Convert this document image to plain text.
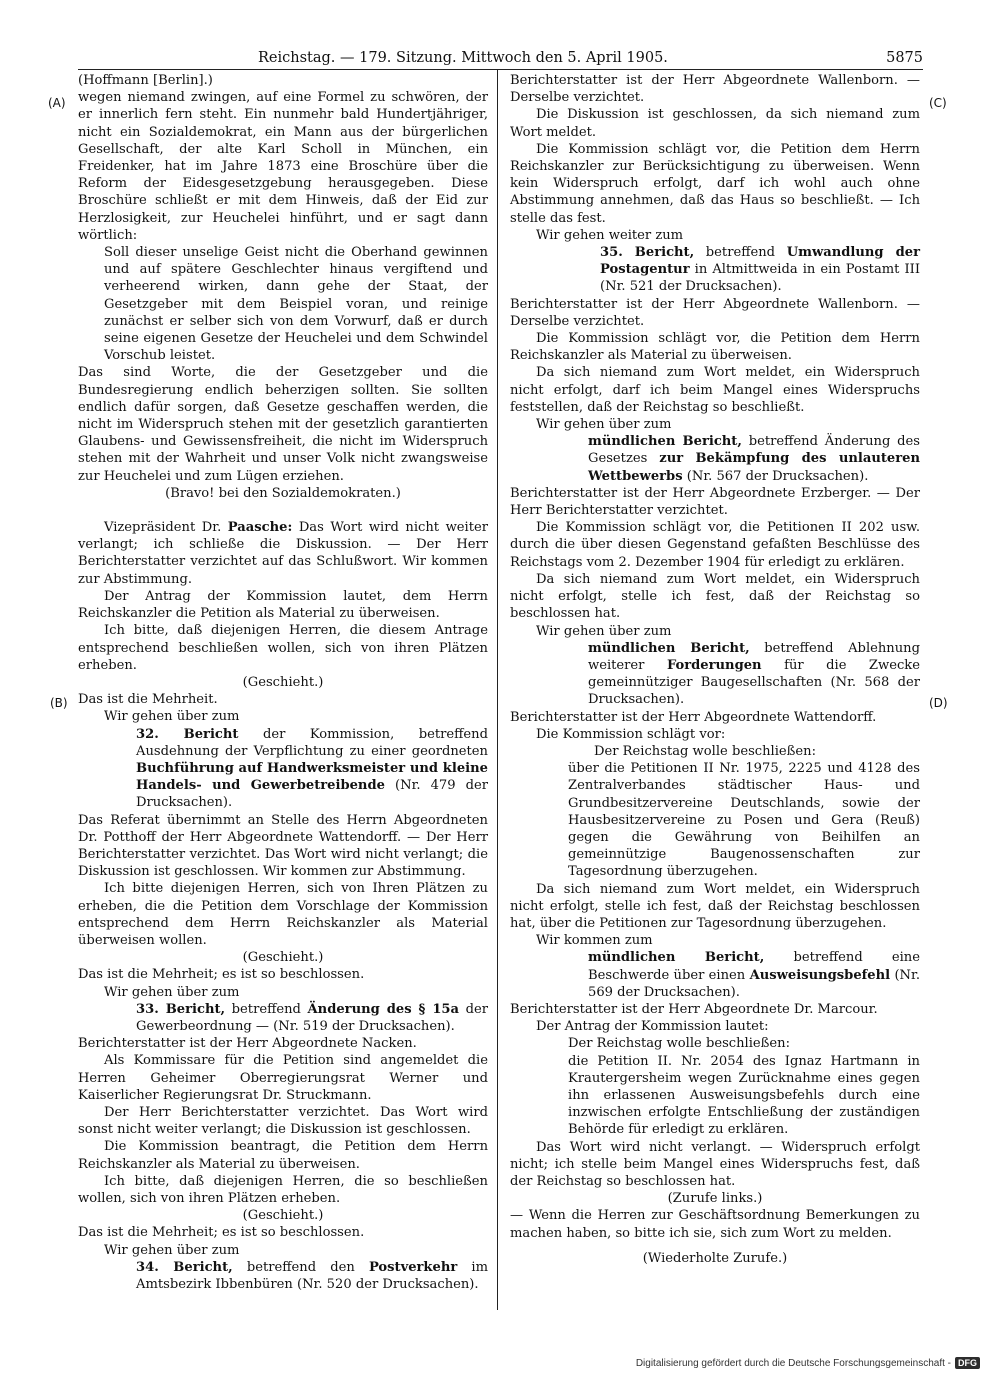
Reichstag. — 179. Sitzung. Mittwoch den 5. April 1905.	5875
(A)
(B)
(C)
(D)

(Hoffmann [Berlin].)

wegen niemand zwingen, auf eine Formel zu schwören, der er innerlich fern steht. Ein nunmehr bald Hundertjähriger, nicht ein Sozialdemokrat, ein Mann aus der bürgerlichen Gesellschaft, der alte Karl Scholl in München, ein Freidenker, hat im Jahre 1873 eine Broschüre über die Reform der Eidesgesetzgebung herausgegeben. Diese Broschüre schließt er mit dem Hinweis, daß der Eid zur Herzlosigkeit, zur Heuchelei hinführt, und er sagt dann wörtlich:

Soll dieser unselige Geist nicht die Oberhand gewinnen und auf spätere Geschlechter hinaus vergiftend und verheerend wirken, dann gehe der Staat, der Gesetzgeber mit dem Beispiel voran, und reinige zunächst er selber sich von dem Vorwurf, daß er durch seine eigenen Gesetze der Heuchelei und dem Schwindel Vorschub leistet.

Das sind Worte, die der Gesetzgeber und die Bundesregierung endlich beherzigen sollten. Sie sollten endlich dafür sorgen, daß Gesetze geschaffen werden, die nicht im Widerspruch stehen mit der gesetzlich garantierten Glaubens- und Gewissensfreiheit, die nicht im Widerspruch stehen mit der Wahrheit und unser Volk nicht zwangsweise zur Heuchelei und zum Lügen erziehen.

(Bravo! bei den Sozialdemokraten.)

Vizepräsident Dr. Paasche: Das Wort wird nicht weiter verlangt; ich schließe die Diskussion. — Der Herr Berichterstatter verzichtet auf das Schlußwort. Wir kommen zur Abstimmung.

Der Antrag der Kommission lautet, dem Herrn Reichskanzler die Petition als Material zu überweisen.

Ich bitte, daß diejenigen Herren, die diesem Antrage entsprechend beschließen wollen, sich von ihren Plätzen erheben.

(Geschieht.)

Das ist die Mehrheit.

Wir gehen über zum

32. Bericht der Kommission, betreffend Ausdehnung der Verpflichtung zu einer geordneten Buchführung auf Handwerksmeister und kleine Handels- und Gewerbetreibende (Nr. 479 der Drucksachen).

Das Referat übernimmt an Stelle des Herrn Abgeordneten Dr. Potthoff der Herr Abgeordnete Wattendorff. — Der Herr Berichterstatter verzichtet. Das Wort wird nicht verlangt; die Diskussion ist geschlossen. Wir kommen zur Abstimmung.

Ich bitte diejenigen Herren, sich von Ihren Plätzen zu erheben, die die Petition dem Vorschlage der Kommission entsprechend dem Herrn Reichskanzler als Material überweisen wollen.

(Geschieht.)

Das ist die Mehrheit; es ist so beschlossen.

Wir gehen über zum

33. Bericht, betreffend Änderung des § 15a der Gewerbeordnung — (Nr. 519 der Drucksachen).

Berichterstatter ist der Herr Abgeordnete Nacken.

Als Kommissare für die Petition sind angemeldet die Herren Geheimer Oberregierungsrat Werner und Kaiserlicher Regierungsrat Dr. Struckmann.

Der Herr Berichterstatter verzichtet. Das Wort wird sonst nicht weiter verlangt; die Diskussion ist geschlossen.

Die Kommission beantragt, die Petition dem Herrn Reichskanzler als Material zu überweisen.

Ich bitte, daß diejenigen Herren, die so beschließen wollen, sich von ihren Plätzen erheben.

(Geschieht.)

Das ist die Mehrheit; es ist so beschlossen.

Wir gehen über zum

34. Bericht, betreffend den Postverkehr im Amtsbezirk Ibbenbüren (Nr. 520 der Drucksachen).

Berichterstatter ist der Herr Abgeordnete Wallenborn. — Derselbe verzichtet.

Die Diskussion ist geschlossen, da sich niemand zum Wort meldet.

Die Kommission schlägt vor, die Petition dem Herrn Reichskanzler zur Berücksichtigung zu überweisen. Wenn kein Widerspruch erfolgt, darf ich wohl auch ohne Abstimmung annehmen, daß das Haus so beschließt. — Ich stelle das fest.

Wir gehen weiter zum

35. Bericht, betreffend Umwandlung der Postagentur in Altmittweida in ein Postamt III (Nr. 521 der Drucksachen).

Berichterstatter ist der Herr Abgeordnete Wallenborn. — Derselbe verzichtet.

Die Kommission schlägt vor, die Petition dem Herrn Reichskanzler als Material zu überweisen.

Da sich niemand zum Wort meldet, ein Widerspruch nicht erfolgt, darf ich beim Mangel eines Widerspruchs feststellen, daß der Reichstag so beschließt.

Wir gehen über zum

mündlichen Bericht, betreffend Änderung des Gesetzes zur Bekämpfung des unlauteren Wettbewerbs (Nr. 567 der Drucksachen).

Berichterstatter ist der Herr Abgeordnete Erzberger. — Der Herr Berichterstatter verzichtet.

Die Kommission schlägt vor, die Petitionen II 202 usw. durch die über diesen Gegenstand gefaßten Beschlüsse des Reichstags vom 2. Dezember 1904 für erledigt zu erklären.

Da sich niemand zum Wort meldet, ein Widerspruch nicht erfolgt, stelle ich fest, daß der Reichstag so beschlossen hat.

Wir gehen über zum

mündlichen Bericht, betreffend Ablehnung weiterer Forderungen für die Zwecke gemeinnütziger Baugesellschaften (Nr. 568 der Drucksachen).

Berichterstatter ist der Herr Abgeordnete Wattendorff.

Die Kommission schlägt vor:

Der Reichstag wolle beschließen:

über die Petitionen II Nr. 1975, 2225 und 4128 des Zentralverbandes städtischer Haus- und Grundbesitzervereine Deutschlands, sowie der Hausbesitzervereine zu Posen und Gera (Reuß) gegen die Gewährung von Beihilfen an gemeinnützige Baugenossenschaften zur Tagesordnung überzugehen.

Da sich niemand zum Wort meldet, ein Widerspruch nicht erfolgt, stelle ich fest, daß der Reichstag beschlossen hat, über die Petitionen zur Tagesordnung überzugehen.

Wir kommen zum

mündlichen Bericht, betreffend eine Beschwerde über einen Ausweisungsbefehl (Nr. 569 der Drucksachen).

Berichterstatter ist der Herr Abgeordnete Dr. Marcour.

Der Antrag der Kommission lautet:

Der Reichstag wolle beschließen:

die Petition II. Nr. 2054 des Ignaz Hartmann in Krautergersheim wegen Zurücknahme eines gegen ihn erlassenen Ausweisungsbefehls durch eine inzwischen erfolgte Entschließung der zuständigen Behörde für erledigt zu erklären.

Das Wort wird nicht verlangt. — Widerspruch erfolgt nicht; ich stelle beim Mangel eines Widerspruchs fest, daß der Reichstag so beschlossen hat.

(Zurufe links.)

— Wenn die Herren zur Geschäftsordnung Bemerkungen zu machen haben, so bitte ich sie, sich zum Wort zu melden.

(Wiederholte Zurufe.)

Digitalisierung gefördert durch die Deutsche Forschungsgemeinschaft - DFG
